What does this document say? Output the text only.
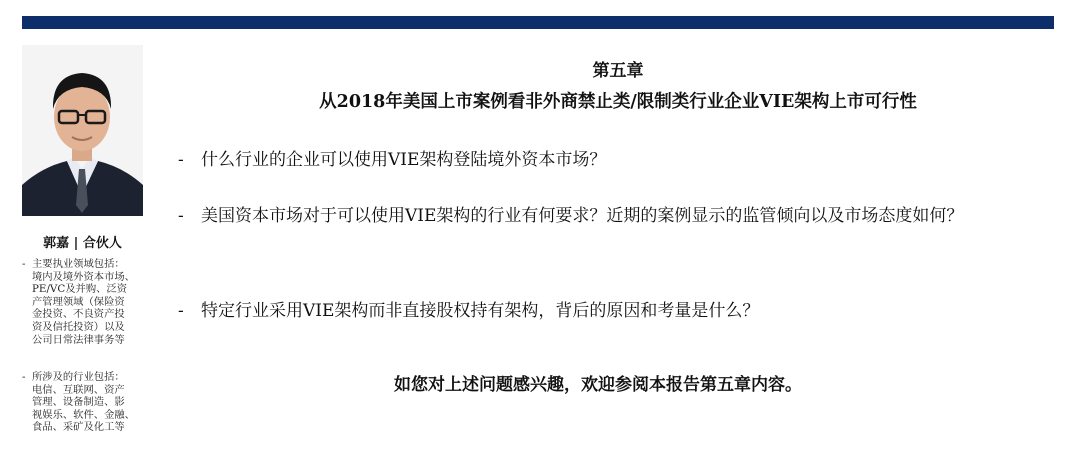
郭嘉 | 合伙人
- 主要执业领域包括：
境内及境外资本市场、
PE/VC及并购、泛资
产管理领域（保险资
金投资、不良资产投
资及信托投资）以及
公司日常法律事务等
- 所涉及的行业包括：
电信、互联网、资产
管理、设备制造、影
视娱乐、软件、金融、
食品、采矿及化工等
第五章
从2018年美国上市案例看非外商禁止类/限制类行业企业VIE架构上市可行性
-	什么行业的企业可以使用VIE架构登陆境外资本市场？
-	美国资本市场对于可以使用VIE架构的行业有何要求？近期的案例显示的监管倾向以及市场态度如何？
-	特定行业采用VIE架构而非直接股权持有架构，背后的原因和考量是什么？
如您对上述问题感兴趣，欢迎参阅本报告第五章内容。
